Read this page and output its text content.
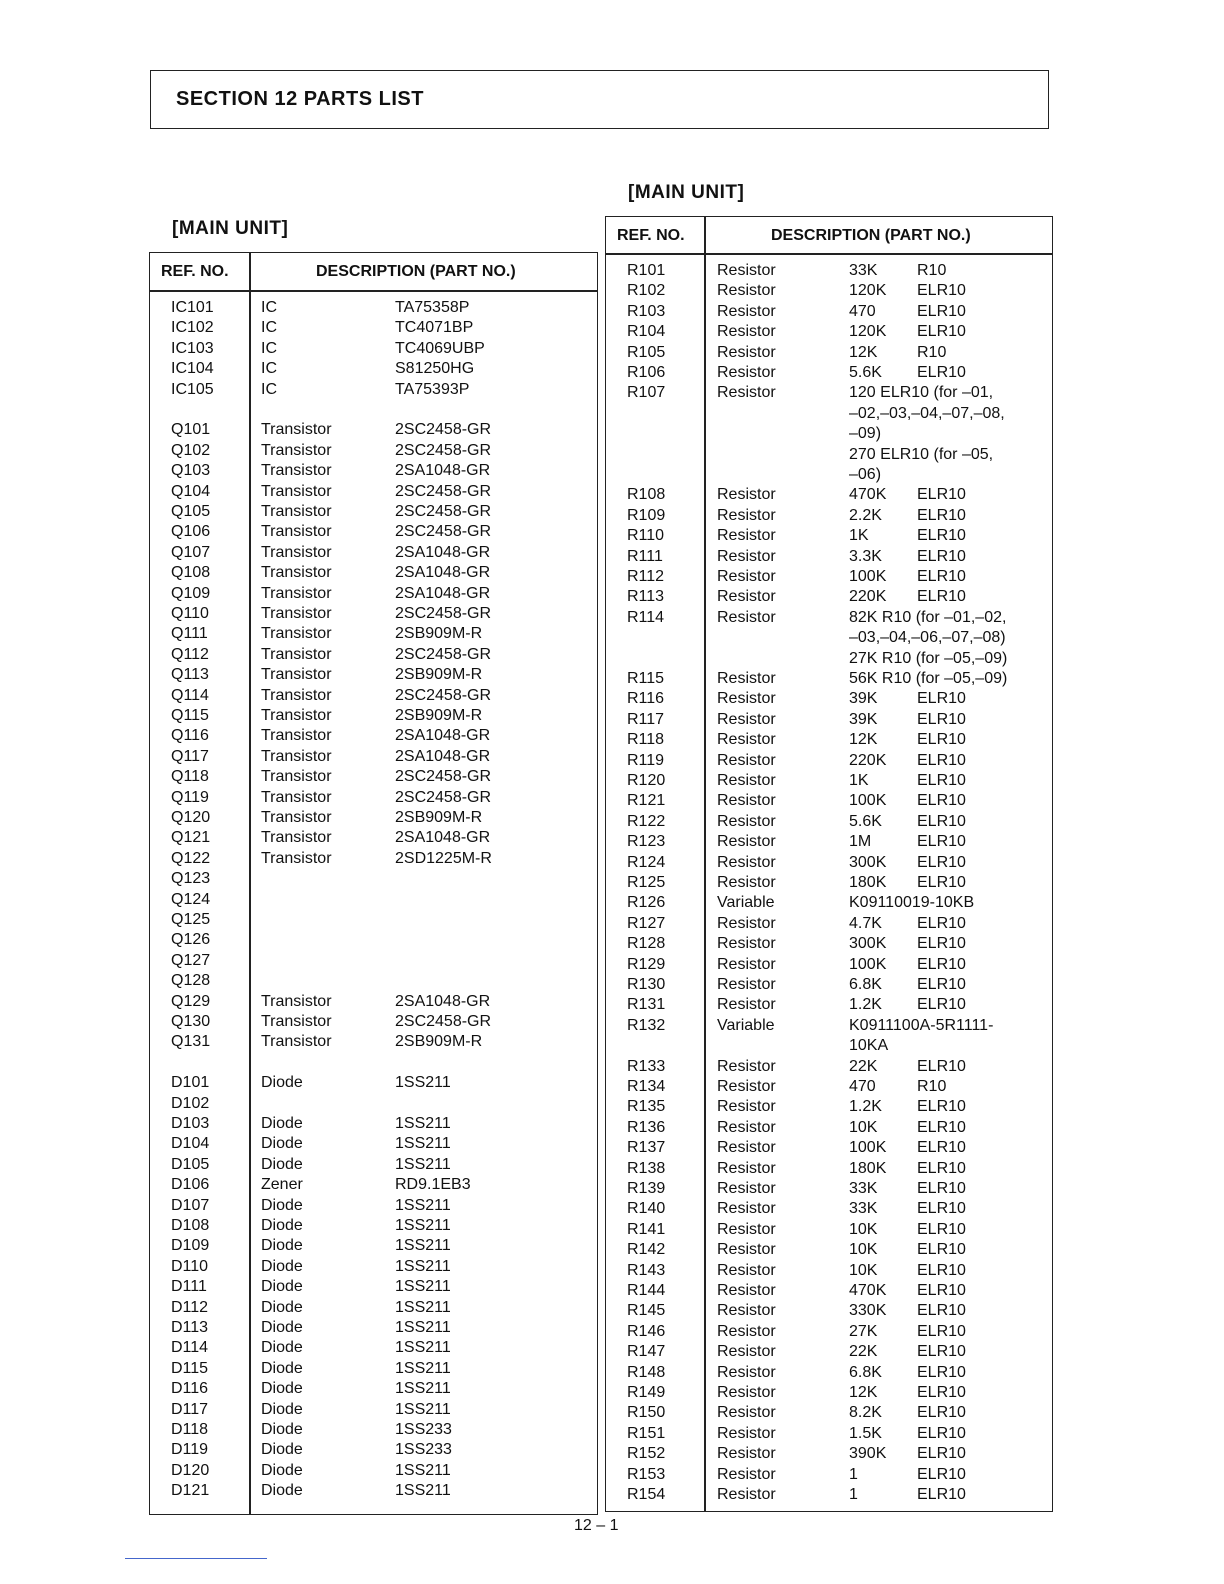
SECTION 12 PARTS LIST
[MAIN UNIT]
REF. NO.	DESCRIPTION (PART NO.)
IC101	IC	TA75358P
IC102	IC	TC4071BP
IC103	IC	TC4069UBP
IC104	IC	S81250HG
IC105	IC	TA75393P
Q101	Transistor	2SC2458-GR
Q102	Transistor	2SC2458-GR
Q103	Transistor	2SA1048-GR
Q104	Transistor	2SC2458-GR
Q105	Transistor	2SC2458-GR
Q106	Transistor	2SC2458-GR
Q107	Transistor	2SA1048-GR
Q108	Transistor	2SA1048-GR
Q109	Transistor	2SA1048-GR
Q110	Transistor	2SC2458-GR
Q111	Transistor	2SB909M-R
Q112	Transistor	2SC2458-GR
Q113	Transistor	2SB909M-R
Q114	Transistor	2SC2458-GR
Q115	Transistor	2SB909M-R
Q116	Transistor	2SA1048-GR
Q117	Transistor	2SA1048-GR
Q118	Transistor	2SC2458-GR
Q119	Transistor	2SC2458-GR
Q120	Transistor	2SB909M-R
Q121	Transistor	2SA1048-GR
Q122	Transistor	2SD1225M-R
Q123
Q124
Q125
Q126
Q127
Q128
Q129	Transistor	2SA1048-GR
Q130	Transistor	2SC2458-GR
Q131	Transistor	2SB909M-R
D101	Diode	1SS211
D102
D103	Diode	1SS211
D104	Diode	1SS211
D105	Diode	1SS211
D106	Zener	RD9.1EB3
D107	Diode	1SS211
D108	Diode	1SS211
D109	Diode	1SS211
D110	Diode	1SS211
D111	Diode	1SS211
D112	Diode	1SS211
D113	Diode	1SS211
D114	Diode	1SS211
D115	Diode	1SS211
D116	Diode	1SS211
D117	Diode	1SS211
D118	Diode	1SS233
D119	Diode	1SS233
D120	Diode	1SS211
D121	Diode	1SS211
[MAIN UNIT]
REF. NO.	DESCRIPTION (PART NO.)
R101	Resistor	33K R10
R102	Resistor	120K ELR10
R103	Resistor	470	ELR10
R104	Resistor	120K ELR10
R105	Resistor	12K R10
R106	Resistor	5.6K ELR10
R107	Resistor	120 ELR10 (for –01,
–02,–03,–04,–07,–08,
–09)
270 ELR10 (for –05,
–06)
R108	Resistor	470K ELR10
R109	Resistor	2.2K ELR10
R110	Resistor	1K	ELR10
R111	Resistor	3.3K ELR10
R112	Resistor	100K ELR10
R113	Resistor	220K ELR10
R114	Resistor	82K R10 (for –01,–02,
–03,–04,–06,–07,–08)
27K R10 (for –05,–09)
R115	Resistor	56K R10 (for –05,–09)
R116	Resistor	39K ELR10
R117	Resistor	39K ELR10
R118	Resistor	12K ELR10
R119	Resistor	220K ELR10
R120	Resistor	1K	ELR10
R121	Resistor	100K ELR10
R122	Resistor	5.6K ELR10
R123	Resistor	1M	ELR10
R124	Resistor	300K ELR10
R125	Resistor	180K ELR10
R126	Variable	K09110019-10KB
R127	Resistor	4.7K ELR10
R128	Resistor	300K ELR10
R129	Resistor	100K ELR10
R130	Resistor	6.8K ELR10
R131	Resistor	1.2K ELR10
R132	Variable	K0911100A-5R1111-
10KA
R133	Resistor	22K ELR10
R134	Resistor	470	R10
R135	Resistor	1.2K ELR10
R136	Resistor	10K ELR10
R137	Resistor	100K ELR10
R138	Resistor	180K ELR10
R139	Resistor	33K ELR10
R140	Resistor	33K ELR10
R141	Resistor	10K ELR10
R142	Resistor	10K ELR10
R143	Resistor	10K ELR10
R144	Resistor	470K ELR10
R145	Resistor	330K ELR10
R146	Resistor	27K ELR10
R147	Resistor	22K ELR10
R148	Resistor	6.8K ELR10
R149	Resistor	12K ELR10
R150	Resistor	8.2K ELR10
R151	Resistor	1.5K ELR10
R152	Resistor	390K ELR10
R153	Resistor	1	ELR10
R154	Resistor	1	ELR10
12 – 1
